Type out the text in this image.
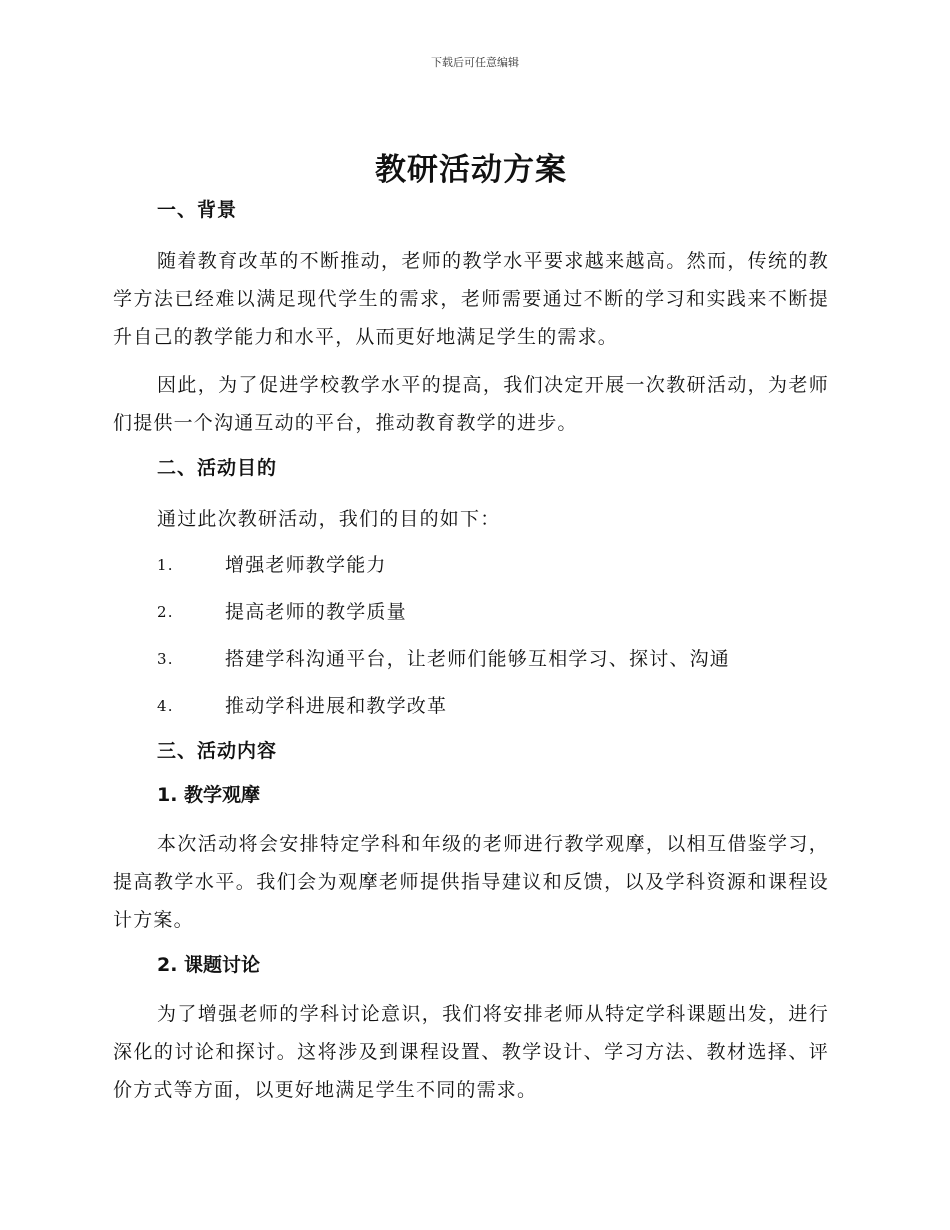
下载后可任意编辑
教研活动方案
一、背景

随着教育改革的不断推动，老师的教学水平要求越来越高。然而，传统的教学方法已经难以满足现代学生的需求，老师需要通过不断的学习和实践来不断提升自己的教学能力和水平，从而更好地满足学生的需求。

因此，为了促进学校教学水平的提高，我们决定开展一次教研活动，为老师们提供一个沟通互动的平台，推动教育教学的进步。

二、活动目的

通过此次教研活动，我们的目的如下：

1.	增强老师教学能力
2.	提高老师的教学质量
3.	搭建学科沟通平台，让老师们能够互相学习、探讨、沟通
4.	推动学科进展和教学改革
三、活动内容
1. 教学观摩

本次活动将会安排特定学科和年级的老师进行教学观摩，以相互借鉴学习，提高教学水平。我们会为观摩老师提供指导建议和反馈，以及学科资源和课程设计方案。

2. 课题讨论

为了增强老师的学科讨论意识，我们将安排老师从特定学科课题出发，进行深化的讨论和探讨。这将涉及到课程设置、教学设计、学习方法、教材选择、评价方式等方面，以更好地满足学生不同的需求。
